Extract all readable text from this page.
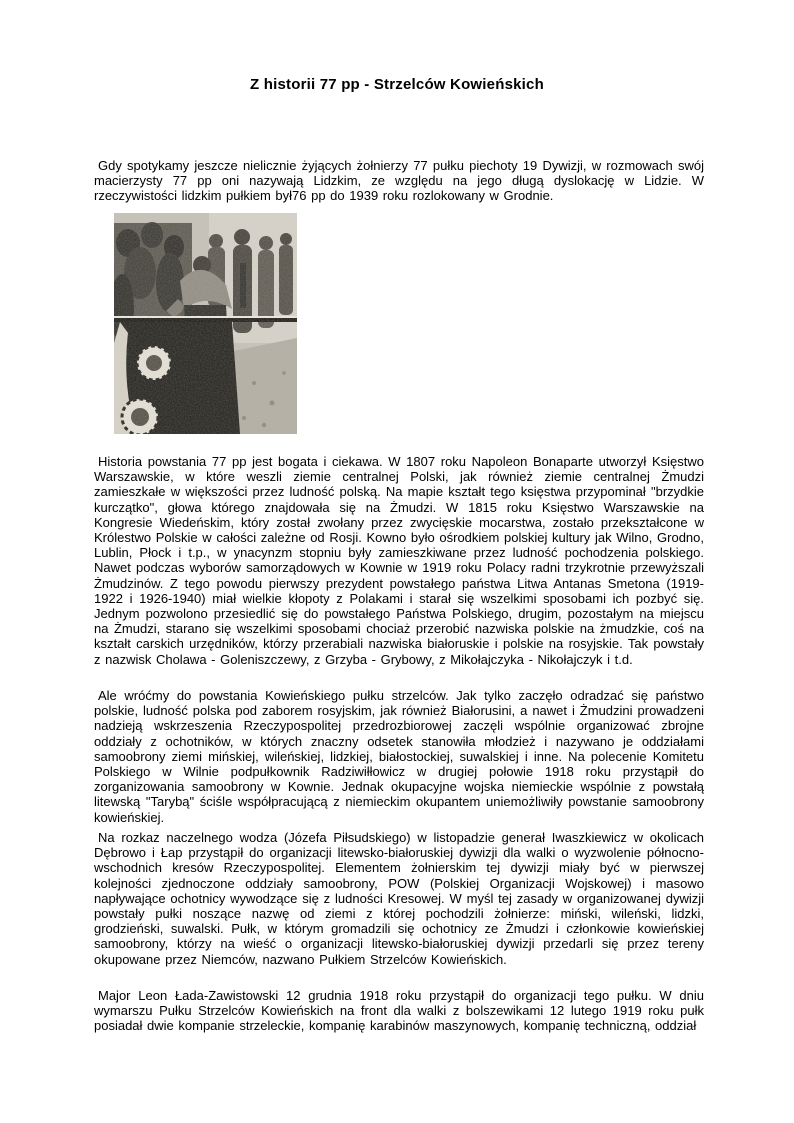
Z historii 77 pp - Strzelców Kowieńskich

Gdy spotykamy jeszcze nielicznie żyjących żołnierzy 77 pułku piechoty 19 Dywizji, w rozmowach swój macierzysty 77 pp oni nazywają Lidzkim, ze względu na jego długą dyslokację w Lidzie. W rzeczywistości lidzkim pułkiem był76 pp do 1939 roku rozlokowany w Grodnie.

Historia powstania 77 pp jest bogata i ciekawa. W 1807 roku Napoleon Bonaparte utworzył Księstwo Warszawskie, w które weszli ziemie centralnej Polski, jak również ziemie centralnej Żmudzi zamieszkałe w większości przez ludność polską. Na mapie kształt tego księstwa przypominał "brzydkie kurczątko", głowa którego znajdowała się na Żmudzi. W 1815 roku Księstwo Warszawskie na Kongresie Wiedeńskim, który został zwołany przez zwycięskie mocarstwa, zostało przekształcone w Królestwo Polskie w całości zależne od Rosji. Kowno było ośrodkiem polskiej kultury jak Wilno, Grodno, Lublin, Płock i t.p., w ynacynzm stopniu były zamieszkiwane przez ludność pochodzenia polskiego. Nawet podczas wyborów samorządowych w Kownie w 1919 roku Polacy radni trzykrotnie przewyższali Żmudzinów. Z tego powodu pierwszy prezydent powstałego państwa Litwa Antanas Smetona (1919-1922 i 1926-1940) miał wielkie kłopoty z Polakami i starał się wszelkimi sposobami ich pozbyć się. Jednym pozwolono przesiedlić się do powstałego Państwa Polskiego, drugim, pozostałym na miejscu na Żmudzi, starano się wszelkimi sposobami chociaż przerobić nazwiska polskie na żmudzkie, coś na kształt carskich urzędników, którzy przerabiali nazwiska białoruskie i polskie na rosyjskie. Tak powstały z nazwisk Cholawa - Goleniszczewy, z Grzyba - Grybowy, z Mikołajczyka - Nikołajczyk i t.d.

Ale wróćmy do powstania Kowieńskiego pułku strzelców. Jak tylko zaczęło odradzać się państwo polskie, ludność polska pod zaborem rosyjskim, jak również Białorusini, a nawet i Żmudzini prowadzeni nadzieją wskrzeszenia Rzeczypospolitej przedrozbiorowej zaczęli wspólnie organizować zbrojne oddziały z ochotników, w których znaczny odsetek stanowiła młodzież i nazywano je oddziałami samoobrony ziemi mińskiej, wileńskiej, lidzkiej, białostockiej, suwalskiej i inne. Na polecenie Komitetu Polskiego w Wilnie podpułkownik Radziwiłłowicz w drugiej połowie 1918 roku przystąpił do zorganizowania samoobrony w Kownie. Jednak okupacyjne wojska niemieckie wspólnie z powstałą litewską "Tarybą" ściśle współpracującą z niemieckim okupantem uniemożliwiły powstanie samoobrony kowieńskiej.

Na rozkaz naczelnego wodza (Józefa Piłsudskiego) w listopadzie generał Iwaszkiewicz w okolicach Dębrowo i Łap przystąpił do organizacji litewsko-białoruskiej dywizji dla walki o wyzwolenie północno-wschodnich kresów Rzeczypospolitej. Elementem żołnierskim tej dywizji miały być w pierwszej kolejności zjednoczone oddziały samoobrony, POW (Polskiej Organizacji Wojskowej) i masowo napływające ochotnicy wywodzące się z ludności Kresowej. W myśl tej zasady w organizowanej dywizji powstały pułki noszące nazwę od ziemi z której pochodzili żołnierze: miński, wileński, lidzki, grodzieński, suwalski. Pułk, w którym gromadzili się ochotnicy ze Żmudzi i członkowie kowieńskiej samoobrony, którzy na wieść o organizacji litewsko-białoruskiej dywizji przedarli się przez tereny okupowane przez Niemców, nazwano Pułkiem Strzelców Kowieńskich.

Major Leon Łada-Zawistowski 12 grudnia 1918 roku przystąpił do organizacji tego pułku. W dniu wymarszu Pułku Strzelców Kowieńskich na front dla walki z bolszewikami 12 lutego 1919 roku pułk posiadał dwie kompanie strzeleckie, kompanię karabinów maszynowych, kompanię techniczną, oddział
